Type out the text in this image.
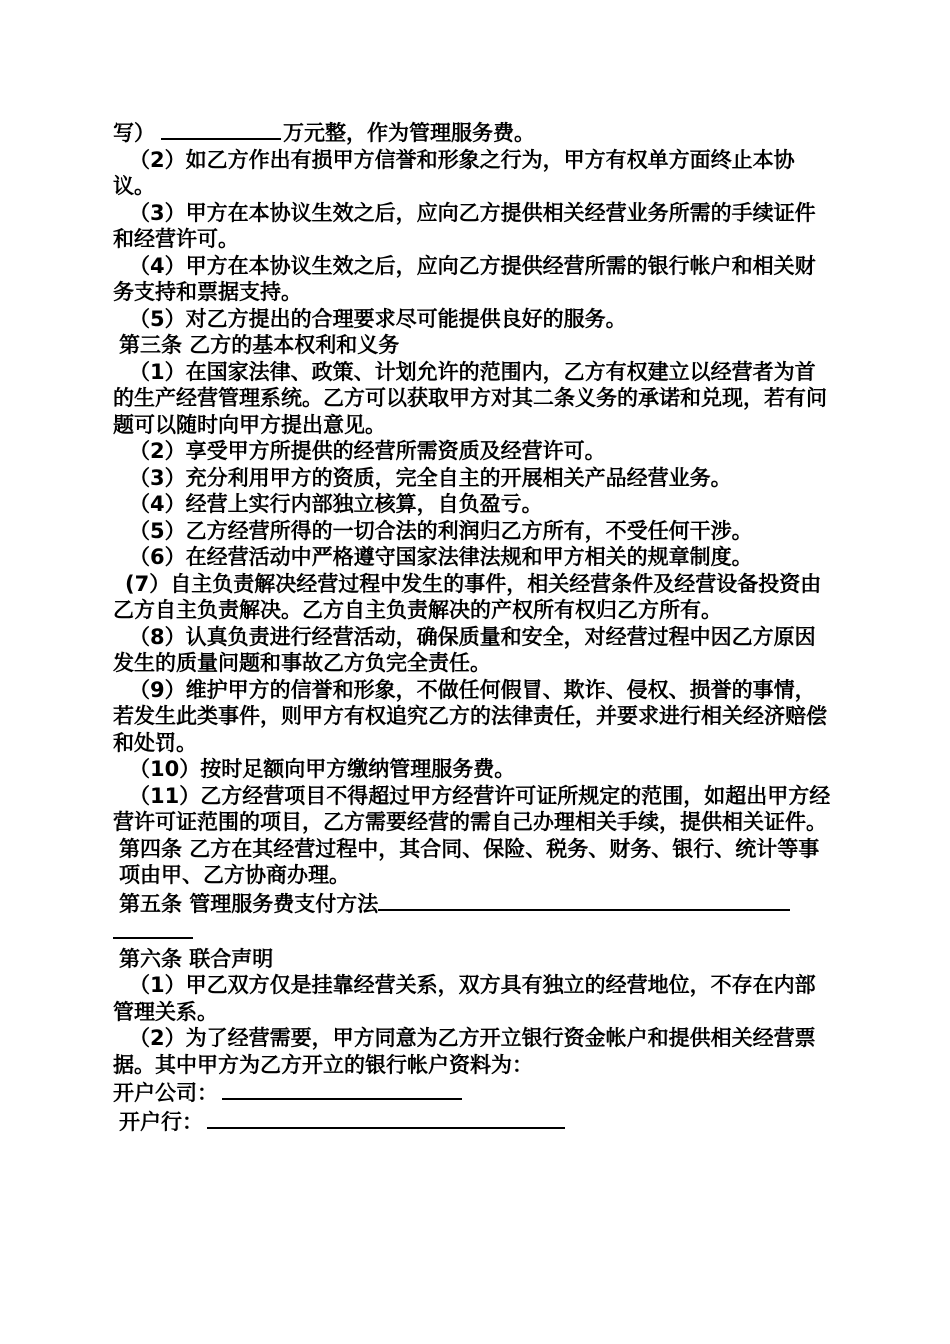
写）	万元整，作为管理服务费。

（2）如乙方作出有损甲方信誉和形象之行为，甲方有权单方面终止本协议。

（3）甲方在本协议生效之后，应向乙方提供相关经营业务所需的手续证件和经营许可。

（4）甲方在本协议生效之后，应向乙方提供经营所需的银行帐户和相关财务支持和票据支持。

（5）对乙方提出的合理要求尽可能提供良好的服务。

第三条 乙方的基本权利和义务

（1）在国家法律、政策、计划允许的范围内，乙方有权建立以经营者为首的生产经营管理系统。乙方可以获取甲方对其二条义务的承诺和兑现，若有问题可以随时向甲方提出意见。

（2）享受甲方所提供的经营所需资质及经营许可。

（3）充分利用甲方的资质，完全自主的开展相关产品经营业务。

（4）经营上实行内部独立核算，自负盈亏。

（5）乙方经营所得的一切合法的利润归乙方所有，不受任何干涉。

（6）在经营活动中严格遵守国家法律法规和甲方相关的规章制度。

(7）自主负责解决经营过程中发生的事件，相关经营条件及经营设备投资由乙方自主负责解决。乙方自主负责解决的产权所有权归乙方所有。

（8）认真负责进行经营活动，确保质量和安全，对经营过程中因乙方原因发生的质量问题和事故乙方负完全责任。

（9）维护甲方的信誉和形象，不做任何假冒、欺诈、侵权、损誉的事情，若发生此类事件，则甲方有权追究乙方的法律责任，并要求进行相关经济赔偿和处罚。

（10）按时足额向甲方缴纳管理服务费。

（11）乙方经营项目不得超过甲方经营许可证所规定的范围，如超出甲方经营许可证范围的项目，乙方需要经营的需自己办理相关手续，提供相关证件。

第四条 乙方在其经营过程中，其合同、保险、税务、财务、银行、统计等事项由甲、乙方协商办理。

第五条 管理服务费支付方法

第六条 联合声明

（1）甲乙双方仅是挂靠经营关系，双方具有独立的经营地位，不存在内部管理关系。

（2）为了经营需要，甲方同意为乙方开立银行资金帐户和提供相关经营票据。其中甲方为乙方开立的银行帐户资料为：

开户公司：

开户行：
